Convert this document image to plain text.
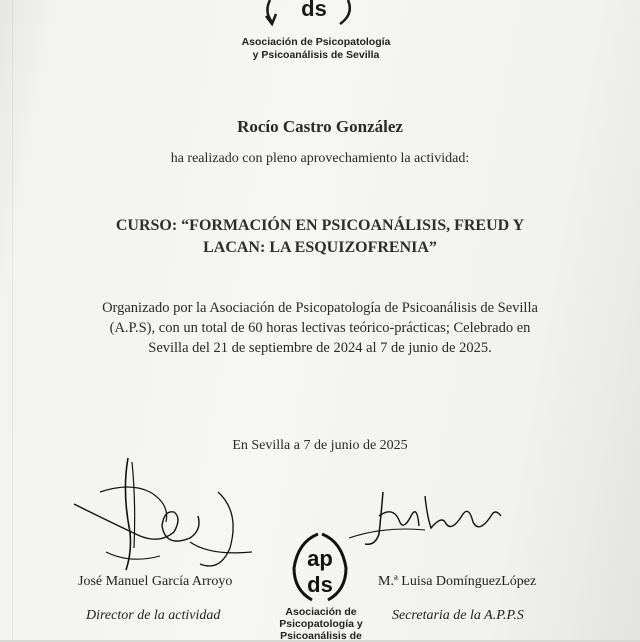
ds
Asociación de Psicopatología
y Psicoanálisis de Sevilla
Rocío Castro González
ha realizado con pleno aprovechamiento la actividad:
CURSO: “FORMACIÓN EN PSICOANÁLISIS, FREUD Y
LACAN: LA ESQUIZOFRENIA”
Organizado por la Asociación de Psicopatología de Psicoanálisis de Sevilla
(A.P.S), con un total de 60 horas lectivas teórico-prácticas; Celebrado en
Sevilla del 21 de septiembre de 2024 al 7 de junio de 2025.
En Sevilla a 7 de junio de 2025
ap
ds
Asociación de
Psicopatología y
Psicoanálisis de
José Manuel García Arroyo
Director de la actividad
M.ª Luisa DomínguezLópez
Secretaria de la A.P.P.S
